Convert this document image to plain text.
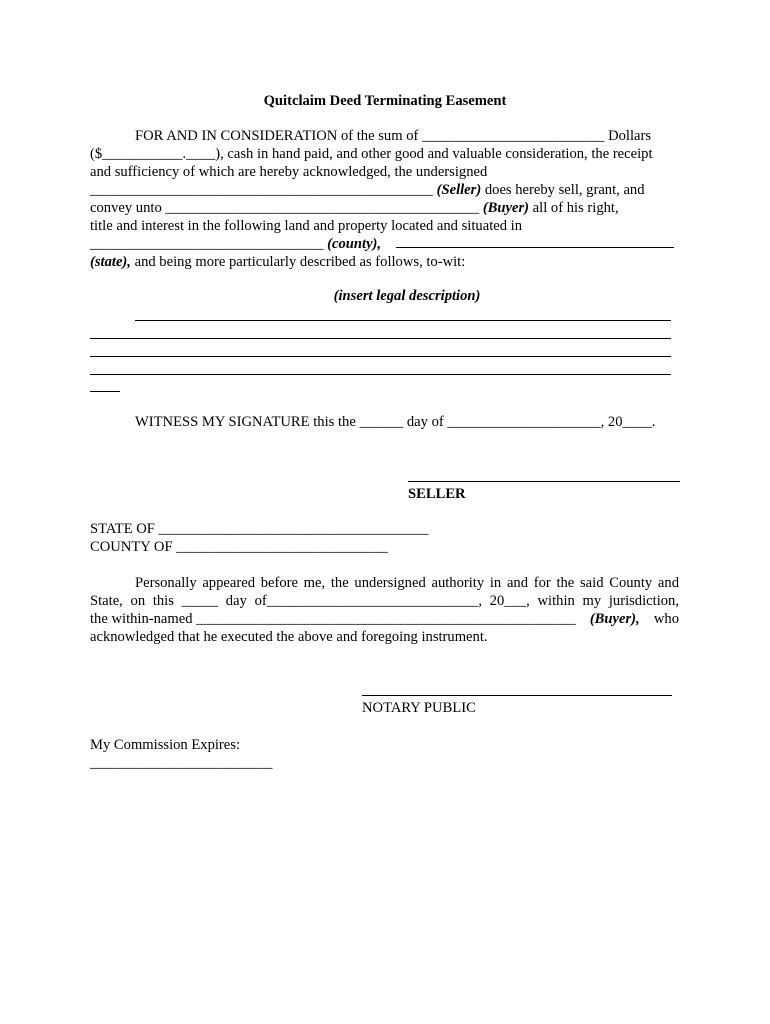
Quitclaim Deed Terminating Easement
FOR AND IN CONSIDERATION of the sum of _________________________ Dollars
($___________.____), cash in hand paid, and other good and valuable consideration, the receipt
and sufficiency of which are hereby acknowledged, the undersigned
_______________________________________________ (Seller) does hereby sell, grant, and
convey unto ___________________________________________ (Buyer) all of his right,
title and interest in the following land and property located and situated in
________________________________ (county),
(state), and being more particularly described as follows, to-wit:
(insert legal description)
WITNESS MY SIGNATURE this the ______ day of _____________________, 20____.
SELLER
STATE OF _____________________________________
COUNTY OF _____________________________
Personally appeared before me, the undersigned authority in and for the said County and
State, on this _____ day of_____________________________, 20___, within my jurisdiction,
the within-named ____________________________________________________ (Buyer), who
acknowledged that he executed the above and foregoing instrument.
NOTARY PUBLIC
My Commission Expires:
_________________________
